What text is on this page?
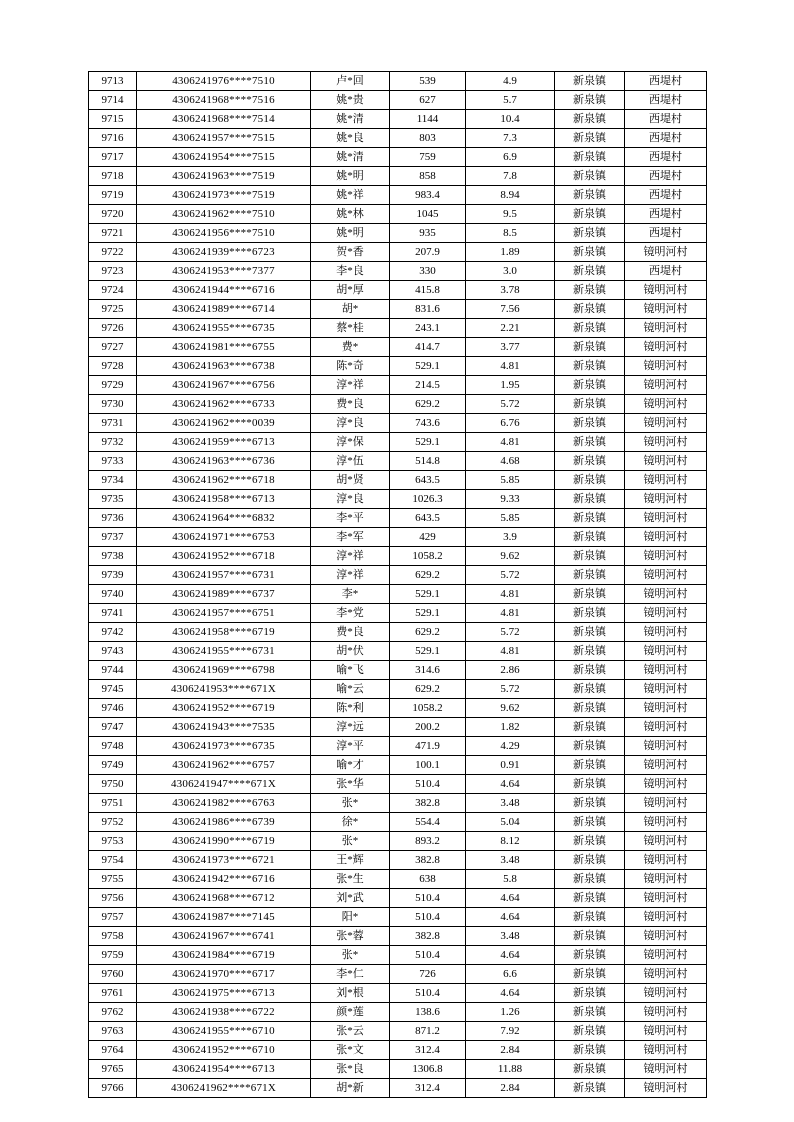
9713	4306241976****7510	卢*回	539	4.9	新泉镇	西堤村
9714	4306241968****7516	姚*贵	627	5.7	新泉镇	西堤村
9715	4306241968****7514	姚*清	1144	10.4	新泉镇	西堤村
9716	4306241957****7515	姚*良	803	7.3	新泉镇	西堤村
9717	4306241954****7515	姚*清	759	6.9	新泉镇	西堤村
9718	4306241963****7519	姚*明	858	7.8	新泉镇	西堤村
9719	4306241973****7519	姚*祥	983.4	8.94	新泉镇	西堤村
9720	4306241962****7510	姚*林	1045	9.5	新泉镇	西堤村
9721	4306241956****7510	姚*明	935	8.5	新泉镇	西堤村
9722	4306241939****6723	贺*香	207.9	1.89	新泉镇	镜明河村
9723	4306241953****7377	李*良	330	3.0	新泉镇	西堤村
9724	4306241944****6716	胡*厚	415.8	3.78	新泉镇	镜明河村
9725	4306241989****6714	胡*	831.6	7.56	新泉镇	镜明河村
9726	4306241955****6735	蔡*桂	243.1	2.21	新泉镇	镜明河村
9727	4306241981****6755	费*	414.7	3.77	新泉镇	镜明河村
9728	4306241963****6738	陈*奇	529.1	4.81	新泉镇	镜明河村
9729	4306241967****6756	淳*祥	214.5	1.95	新泉镇	镜明河村
9730	4306241962****6733	费*良	629.2	5.72	新泉镇	镜明河村
9731	4306241962****0039	淳*良	743.6	6.76	新泉镇	镜明河村
9732	4306241959****6713	淳*保	529.1	4.81	新泉镇	镜明河村
9733	4306241963****6736	淳*伍	514.8	4.68	新泉镇	镜明河村
9734	4306241962****6718	胡*贤	643.5	5.85	新泉镇	镜明河村
9735	4306241958****6713	淳*良	1026.3	9.33	新泉镇	镜明河村
9736	4306241964****6832	李*平	643.5	5.85	新泉镇	镜明河村
9737	4306241971****6753	李*军	429	3.9	新泉镇	镜明河村
9738	4306241952****6718	淳*祥	1058.2	9.62	新泉镇	镜明河村
9739	4306241957****6731	淳*祥	629.2	5.72	新泉镇	镜明河村
9740	4306241989****6737	李*	529.1	4.81	新泉镇	镜明河村
9741	4306241957****6751	李*党	529.1	4.81	新泉镇	镜明河村
9742	4306241958****6719	费*良	629.2	5.72	新泉镇	镜明河村
9743	4306241955****6731	胡*伏	529.1	4.81	新泉镇	镜明河村
9744	4306241969****6798	喻*飞	314.6	2.86	新泉镇	镜明河村
9745	4306241953****671X	喻*云	629.2	5.72	新泉镇	镜明河村
9746	4306241952****6719	陈*利	1058.2	9.62	新泉镇	镜明河村
9747	4306241943****7535	淳*远	200.2	1.82	新泉镇	镜明河村
9748	4306241973****6735	淳*平	471.9	4.29	新泉镇	镜明河村
9749	4306241962****6757	喻*才	100.1	0.91	新泉镇	镜明河村
9750	4306241947****671X	张*华	510.4	4.64	新泉镇	镜明河村
9751	4306241982****6763	张*	382.8	3.48	新泉镇	镜明河村
9752	4306241986****6739	徐*	554.4	5.04	新泉镇	镜明河村
9753	4306241990****6719	张*	893.2	8.12	新泉镇	镜明河村
9754	4306241973****6721	王*辉	382.8	3.48	新泉镇	镜明河村
9755	4306241942****6716	张*生	638	5.8	新泉镇	镜明河村
9756	4306241968****6712	刘*武	510.4	4.64	新泉镇	镜明河村
9757	4306241987****7145	阳*	510.4	4.64	新泉镇	镜明河村
9758	4306241967****6741	张*蓉	382.8	3.48	新泉镇	镜明河村
9759	4306241984****6719	张*	510.4	4.64	新泉镇	镜明河村
9760	4306241970****6717	李*仁	726	6.6	新泉镇	镜明河村
9761	4306241975****6713	刘*根	510.4	4.64	新泉镇	镜明河村
9762	4306241938****6722	颜*莲	138.6	1.26	新泉镇	镜明河村
9763	4306241955****6710	张*云	871.2	7.92	新泉镇	镜明河村
9764	4306241952****6710	张*文	312.4	2.84	新泉镇	镜明河村
9765	4306241954****6713	张*良	1306.8	11.88	新泉镇	镜明河村
9766	4306241962****671X	胡*新	312.4	2.84	新泉镇	镜明河村
